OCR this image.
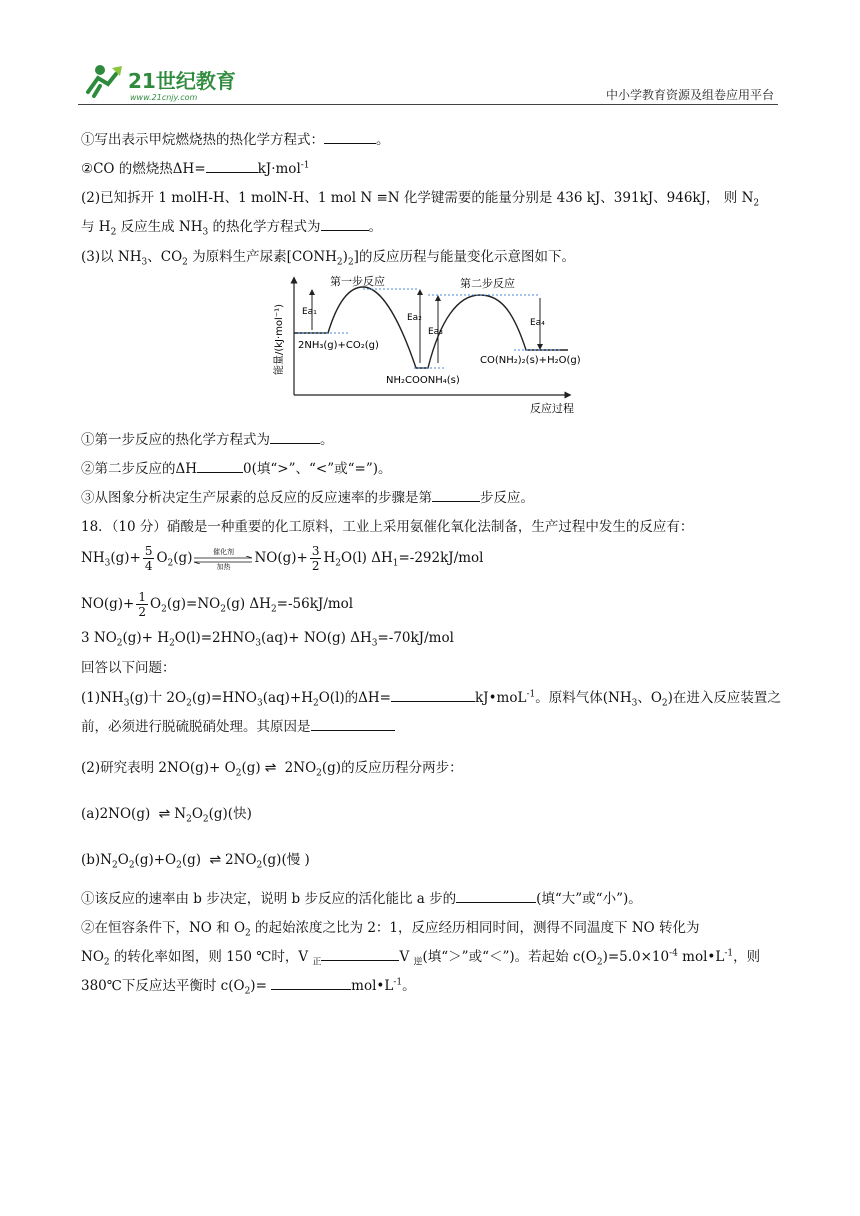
21世纪教育
www.21cnjy.com	中小学教育资源及组卷应用平台
①写出表示甲烷燃烧热的热化学方程式：	。
②CO 的燃烧热ΔH=	kJ·mol$^{-1}$
(2)已知拆开 1 molH-H、1 molN-H、1 mol N ≡N 化学键需要的能量分别是 436 kJ、391kJ、946kJ， 则 $N_2$
与 $H_2$ 反应生成 $NH_3$ 的热化学方程式为	。
(3)以 $NH_3$、$CO_2$ 为原料生产尿素$[CONH_2)_2$]的反应历程与能量变化示意图如下。
能量/(kJ·mol⁻¹)
反应过程
第一步反应	第二步反应
Ea₁
Ea₂
Ea₃
Ea₄
2NH₃(g)+CO₂(g)
NH₂COONH₄(s)
CO(NH₂)₂(s)+H₂O(g)
①第一步反应的热化学方程式为	。
②第二步反应的ΔH	0(填“>”、“<”或“=”)。
③从图象分析决定生产尿素的总反应的反应速率的步骤是第	步反应。
18．（10 分）硝酸是一种重要的化工原料，工业上采用氨催化氧化法制备，生产过程中发生的反应有：
$NH_3(g)+ \frac{5}{4} O_2(g)$	催化剂
加热
$NO(g)+ \frac{3}{2} H_2O(l)$ $\Delta H_1=-292kJ$/mol
$NO(g)+ \frac{1}{2} O_2(g)=NO_2(g)$ $\Delta H_2=-56kJ$/mol
3 $NO_2(g)+ H_2O(l)=2HNO_3(aq)+ NO(g)$ $\Delta H_3=-70kJ$/mol
回答以下问题：
$(1)NH_3(g)$十 $2O_2(g)=HNO_3(aq)+H_2O(l)$的ΔH=	kJ•moL$^{-1}$。原料气体($NH_3$、$O_2$)在进入反应装置之
前，必须进行脱硫脱硝处理。其原因是
(2)研究表明 $2NO(g)+ O_2(g)$ ⇌ $2NO_2(g)$的反应历程分两步：
(a)2NO(g) ⇌ $N_2O_2(g)$(快)
$(b)N_2O_2(g)+O_2(g)$ ⇌ $2NO_2(g)$(慢 )
①该反应的速率由 b 步决定，说明 b 步反应的活化能比 a 步的	(填“大”或“小”)。
②在恒容条件下，NO 和 $O_2$ 的起始浓度之比为 2：1，反应经历相同时间，测得不同温度下 NO 转化为
$NO_2$ 的转化率如图，则 150 ℃时，V $_正$	V $_逆$(填“＞”或“＜”)。若起始 $c(O_2)=5.0\times 10^{-4}$ $mol•L^{-1}$，则
380℃下反应达平衡时 $c(O_2)=$	$mol•L^{-1}$。
